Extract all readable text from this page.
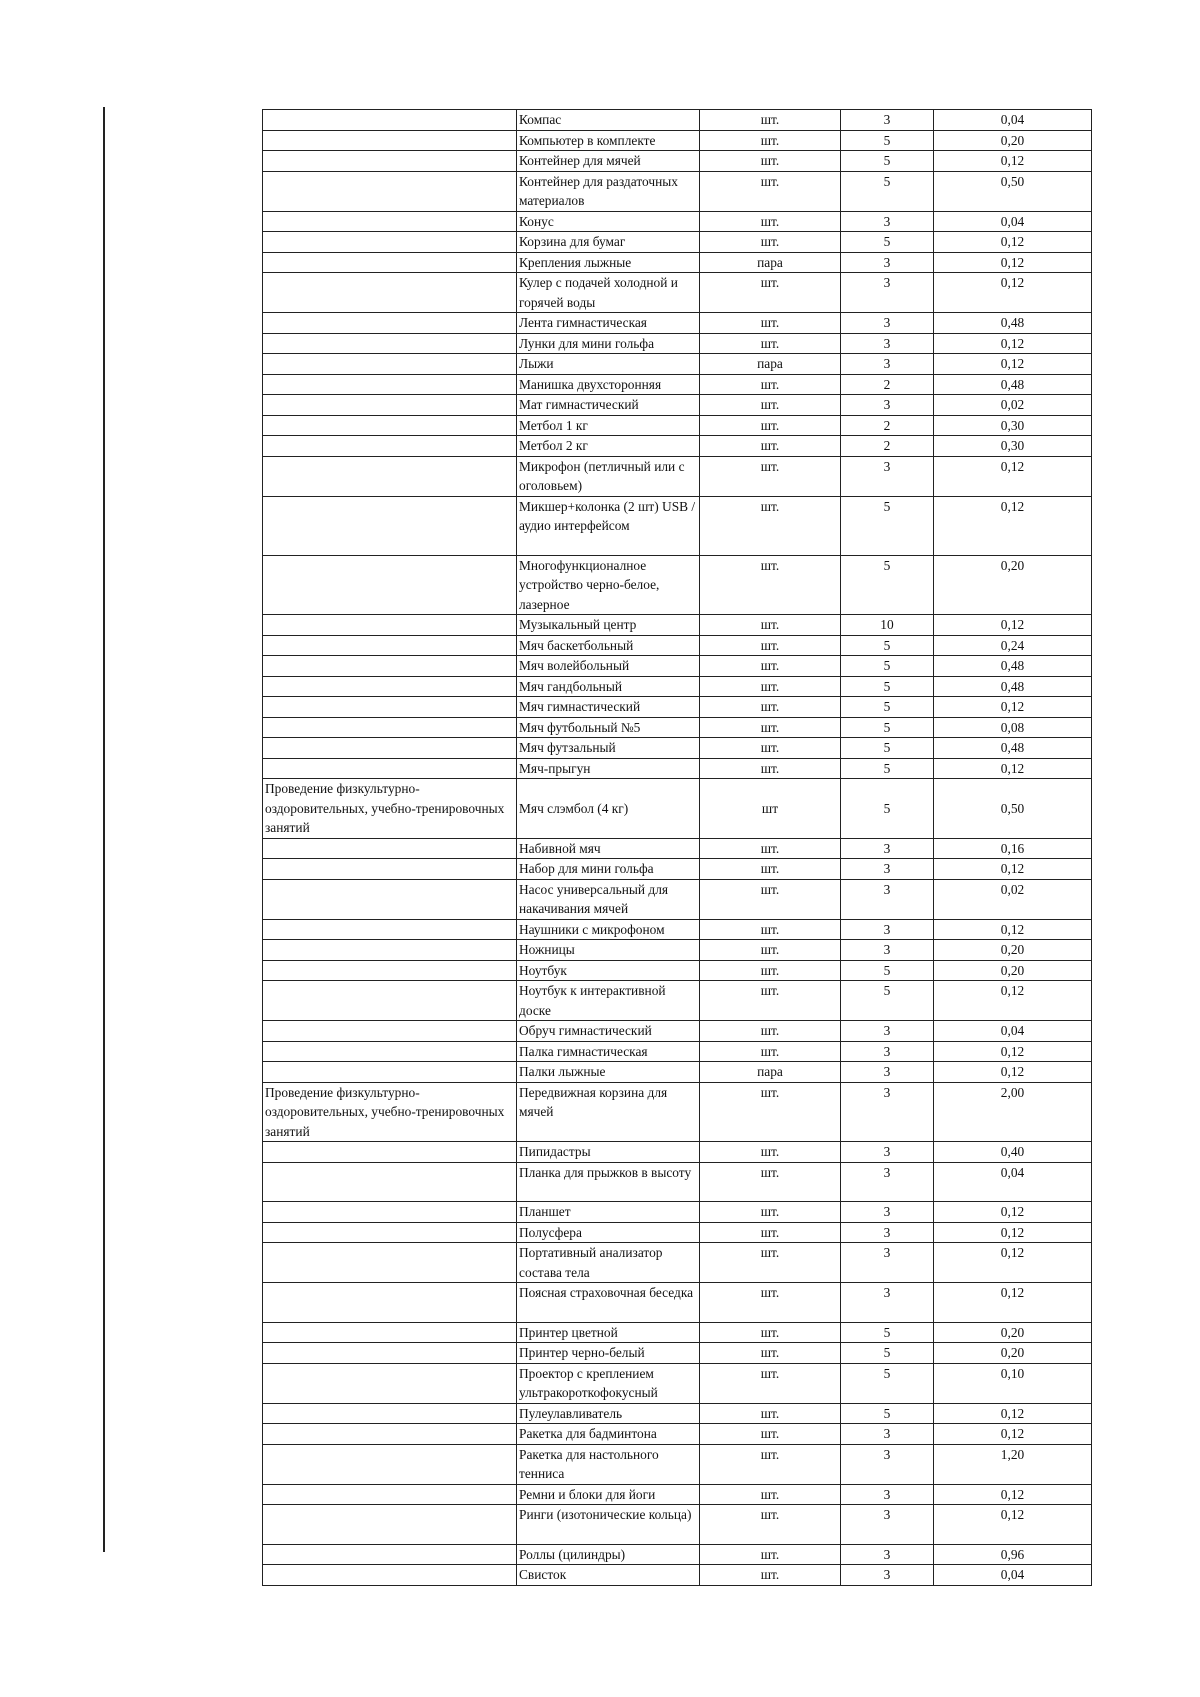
	Компас	шт.	3	0,04
	Компьютер в комплекте	шт.	5	0,20
	Контейнер для мячей	шт.	5	0,12
	Контейнер для раздаточных материалов	шт.	5	0,50
	Конус	шт.	3	0,04
	Корзина для бумаг	шт.	5	0,12
	Крепления лыжные	пара	3	0,12
	Кулер с подачей холодной и горячей воды	шт.	3	0,12
	Лента гимнастическая	шт.	3	0,48
	Лунки для мини гольфа	шт.	3	0,12
	Лыжи	пара	3	0,12
	Манишка двухсторонняя	шт.	2	0,48
	Мат гимнастический	шт.	3	0,02
	Метбол 1 кг	шт.	2	0,30
	Метбол 2 кг	шт.	2	0,30
	Микрофон (петличный или с оголовьем)	шт.	3	0,12
	Микшер+колонка (2 шт) USB / аудио интерфейсом	шт.	5	0,12
	Многофункционалное устройство черно-белое, лазерное	шт.	5	0,20
	Музыкальный центр	шт.	10	0,12
	Мяч баскетбольный	шт.	5	0,24
	Мяч волейбольный	шт.	5	0,48
	Мяч гандбольный	шт.	5	0,48
	Мяч гимнастический	шт.	5	0,12
	Мяч футбольный №5	шт.	5	0,08
	Мяч футзальный	шт.	5	0,48
	Мяч-прыгун	шт.	5	0,12
Проведение физкультурно-оздоровительных, учебно-тренировочных занятий	Мяч слэмбол (4 кг)	шт	5	0,50
	Набивной мяч	шт.	3	0,16
	Набор для мини гольфа	шт.	3	0,12
	Насос универсальный для накачивания мячей	шт.	3	0,02
	Наушники с микрофоном	шт.	3	0,12
	Ножницы	шт.	3	0,20
	Ноутбук	шт.	5	0,20
	Ноутбук к интерактивной доске	шт.	5	0,12
	Обруч гимнастический	шт.	3	0,04
	Палка гимнастическая	шт.	3	0,12
	Палки лыжные	пара	3	0,12
Проведение физкультурно-оздоровительных, учебно-тренировочных занятий	Передвижная корзина для мячей	шт.	3	2,00
	Пипидастры	шт.	3	0,40
	Планка для прыжков в высоту	шт.	3	0,04
	Планшет	шт.	3	0,12
	Полусфера	шт.	3	0,12
	Портативный анализатор состава тела	шт.	3	0,12
	Поясная страховочная беседка	шт.	3	0,12
	Принтер цветной	шт.	5	0,20
	Принтер черно-белый	шт.	5	0,20
	Проектор с креплением ультракороткофокусный	шт.	5	0,10
	Пулеулавливатель	шт.	5	0,12
	Ракетка для бадминтона	шт.	3	0,12
	Ракетка для настольного тенниса	шт.	3	1,20
	Ремни и блоки для йоги	шт.	3	0,12
	Ринги (изотонические кольца)	шт.	3	0,12
	Роллы (цилиндры)	шт.	3	0,96
	Свисток	шт.	3	0,04
